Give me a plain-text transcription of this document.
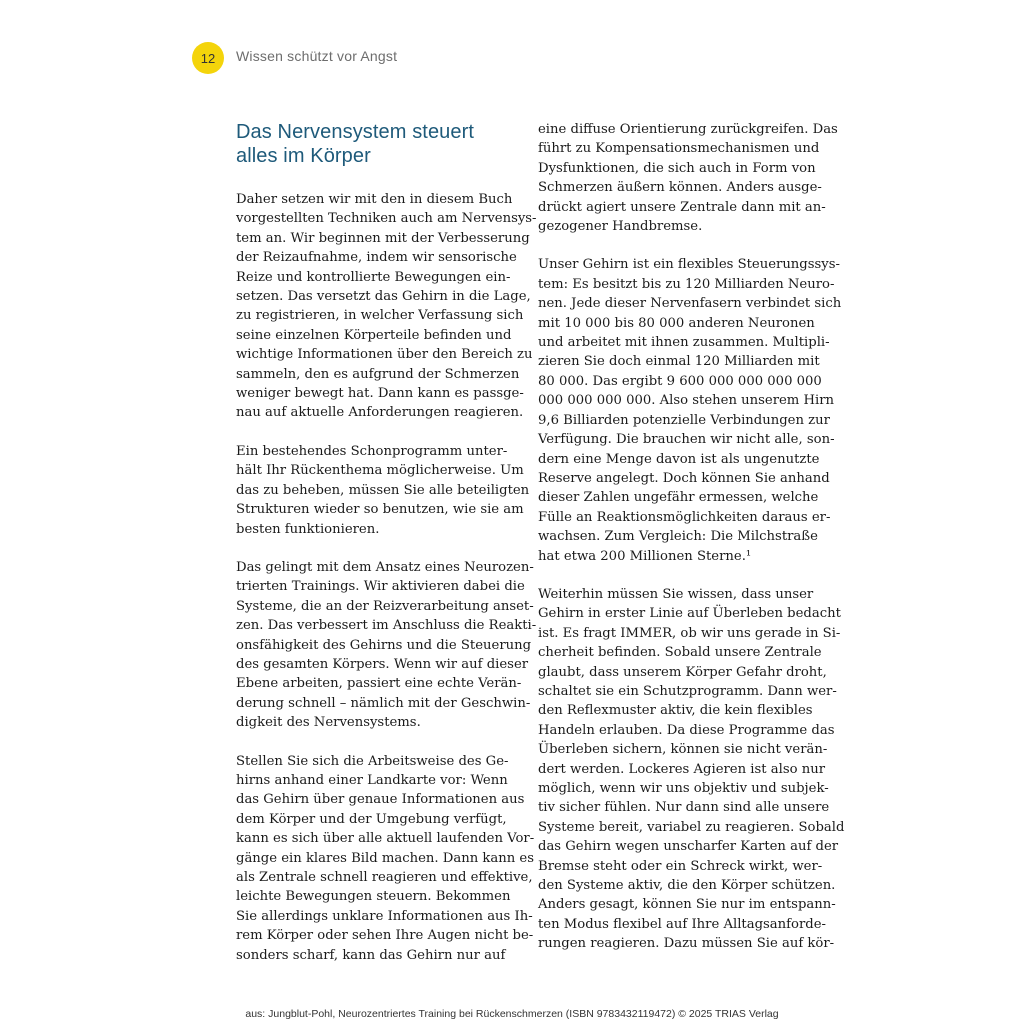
12 Wissen schützt vor Angst
Das Nervensystem steuert
alles im Körper

Daher setzen wir mit den in diesem Buch
vorgestellten Techniken auch am Nervensys-
tem an. Wir beginnen mit der Verbesserung
der Reizaufnahme, indem wir sensorische
Reize und kontrollierte Bewegungen ein-
setzen. Das versetzt das Gehirn in die Lage,
zu registrieren, in welcher Verfassung sich
seine einzelnen Körperteile befinden und
wichtige Informationen über den Bereich zu
sammeln, den es aufgrund der Schmerzen
weniger bewegt hat. Dann kann es passge-
nau auf aktuelle Anforderungen reagieren.

Ein bestehendes Schonprogramm unter-
hält Ihr Rückenthema möglicherweise. Um
das zu beheben, müssen Sie alle beteiligten
Strukturen wieder so benutzen, wie sie am
besten funktionieren.

Das gelingt mit dem Ansatz eines Neurozen-
trierten Trainings. Wir aktivieren dabei die
Systeme, die an der Reizverarbeitung anset-
zen. Das verbessert im Anschluss die Reakti-
onsfähigkeit des Gehirns und die Steuerung
des gesamten Körpers. Wenn wir auf dieser
Ebene arbeiten, passiert eine echte Verän-
derung schnell – nämlich mit der Geschwin-
digkeit des Nervensystems.

Stellen Sie sich die Arbeitsweise des Ge-
hirns anhand einer Landkarte vor: Wenn
das Gehirn über genaue Informationen aus
dem Körper und der Umgebung verfügt,
kann es sich über alle aktuell laufenden Vor-
gänge ein klares Bild machen. Dann kann es
als Zentrale schnell reagieren und effektive,
leichte Bewegungen steuern. Bekommen
Sie allerdings unklare Informationen aus Ih-
rem Körper oder sehen Ihre Augen nicht be-
sonders scharf, kann das Gehirn nur auf

eine diffuse Orientierung zurückgreifen. Das
führt zu Kompensationsmechanismen und
Dysfunktionen, die sich auch in Form von
Schmerzen äußern können. Anders ausge-
drückt agiert unsere Zentrale dann mit an-
gezogener Handbremse.

Unser Gehirn ist ein flexibles Steuerungssys-
tem: Es besitzt bis zu 120 Milliarden Neuro-
nen. Jede dieser Nervenfasern verbindet sich
mit 10 000 bis 80 000 anderen Neuronen
und arbeitet mit ihnen zusammen. Multipli-
zieren Sie doch einmal 120 Milliarden mit
80 000. Das ergibt 9 600 000 000 000 000
000 000 000 000. Also stehen unserem Hirn
9,6 Billiarden potenzielle Verbindungen zur
Verfügung. Die brauchen wir nicht alle, son-
dern eine Menge davon ist als ungenutzte
Reserve angelegt. Doch können Sie anhand
dieser Zahlen ungefähr ermessen, welche
Fülle an Reaktionsmöglichkeiten daraus er-
wachsen. Zum Vergleich: Die Milchstraße
hat etwa 200 Millionen Sterne.¹

Weiterhin müssen Sie wissen, dass unser
Gehirn in erster Linie auf Überleben bedacht
ist. Es fragt IMMER, ob wir uns gerade in Si-
cherheit befinden. Sobald unsere Zentrale
glaubt, dass unserem Körper Gefahr droht,
schaltet sie ein Schutzprogramm. Dann wer-
den Reflexmuster aktiv, die kein flexibles
Handeln erlauben. Da diese Programme das
Überleben sichern, können sie nicht verän-
dert werden. Lockeres Agieren ist also nur
möglich, wenn wir uns objektiv und subjek-
tiv sicher fühlen. Nur dann sind alle unsere
Systeme bereit, variabel zu reagieren. Sobald
das Gehirn wegen unscharfer Karten auf der
Bremse steht oder ein Schreck wirkt, wer-
den Systeme aktiv, die den Körper schützen.
Anders gesagt, können Sie nur im entspann-
ten Modus flexibel auf Ihre Alltagsanforde-
rungen reagieren. Dazu müssen Sie auf kör-

aus: Jungblut-Pohl, Neurozentriertes Training bei Rückenschmerzen (ISBN 9783432119472) © 2025 TRIAS Verlag
